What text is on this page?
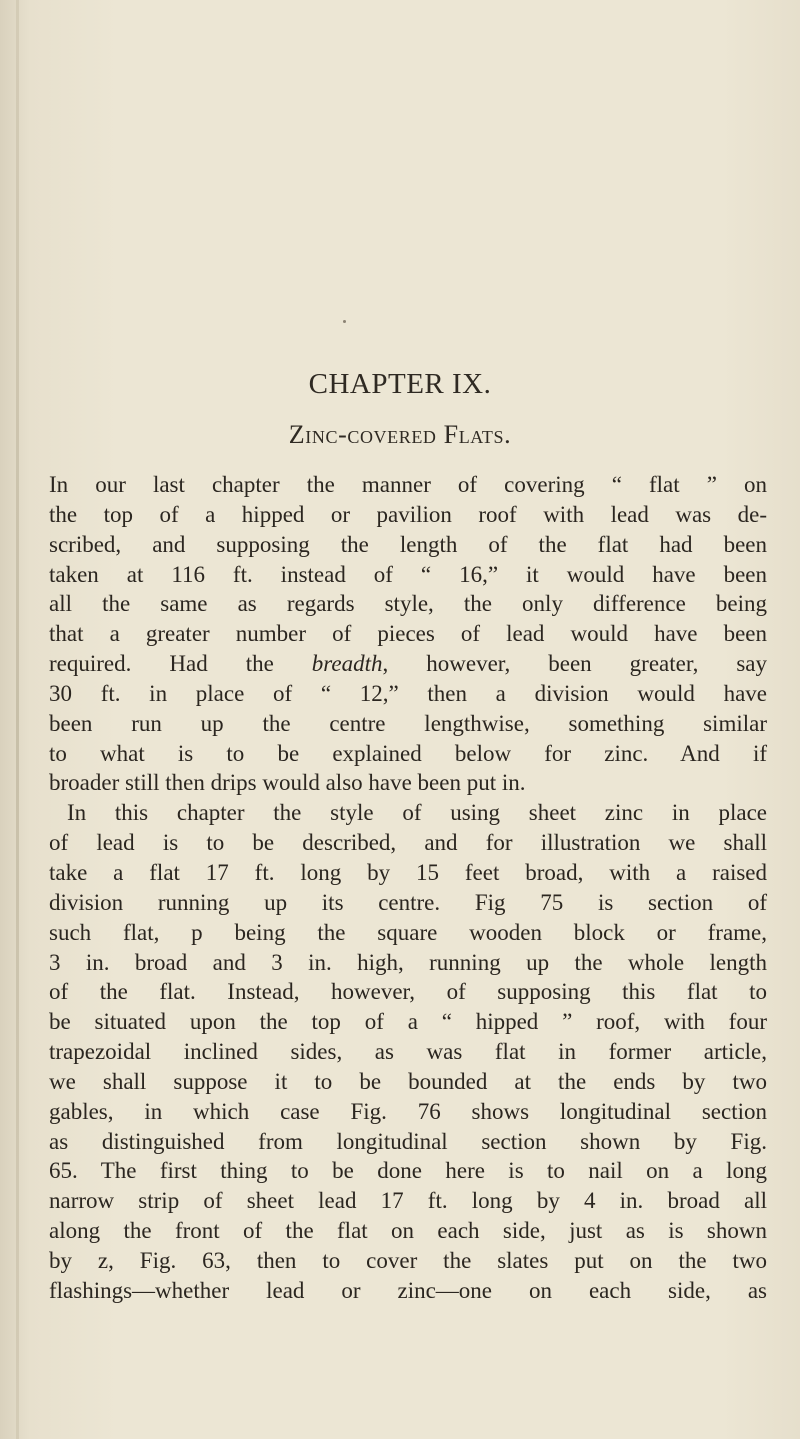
CHAPTER IX.
Zinc-covered Flats.
In our last chapter the manner of covering “ flat ” on
the top of a hipped or pavilion roof with lead was de-
scribed, and supposing the length of the flat had been
taken at 116 ft. instead of “ 16,” it would have been
all the same as regards style, the only difference being
that a greater number of pieces of lead would have been
required. Had the breadth, however, been greater, say
30 ft. in place of “ 12,” then a division would have
been run up the centre lengthwise, something similar
to what is to be explained below for zinc. And if
broader still then drips would also have been put in.
In this chapter the style of using sheet zinc in place
of lead is to be described, and for illustration we shall
take a flat 17 ft. long by 15 feet broad, with a raised
division running up its centre. Fig 75 is section of
such flat, p being the square wooden block or frame,
3 in. broad and 3 in. high, running up the whole length
of the flat. Instead, however, of supposing this flat to
be situated upon the top of a “ hipped ” roof, with four
trapezoidal inclined sides, as was flat in former article,
we shall suppose it to be bounded at the ends by two
gables, in which case Fig. 76 shows longitudinal section
as distinguished from longitudinal section shown by Fig.
65. The first thing to be done here is to nail on a long
narrow strip of sheet lead 17 ft. long by 4 in. broad all
along the front of the flat on each side, just as is shown
by z, Fig. 63, then to cover the slates put on the two
flashings—whether lead or zinc—one on each side, as
